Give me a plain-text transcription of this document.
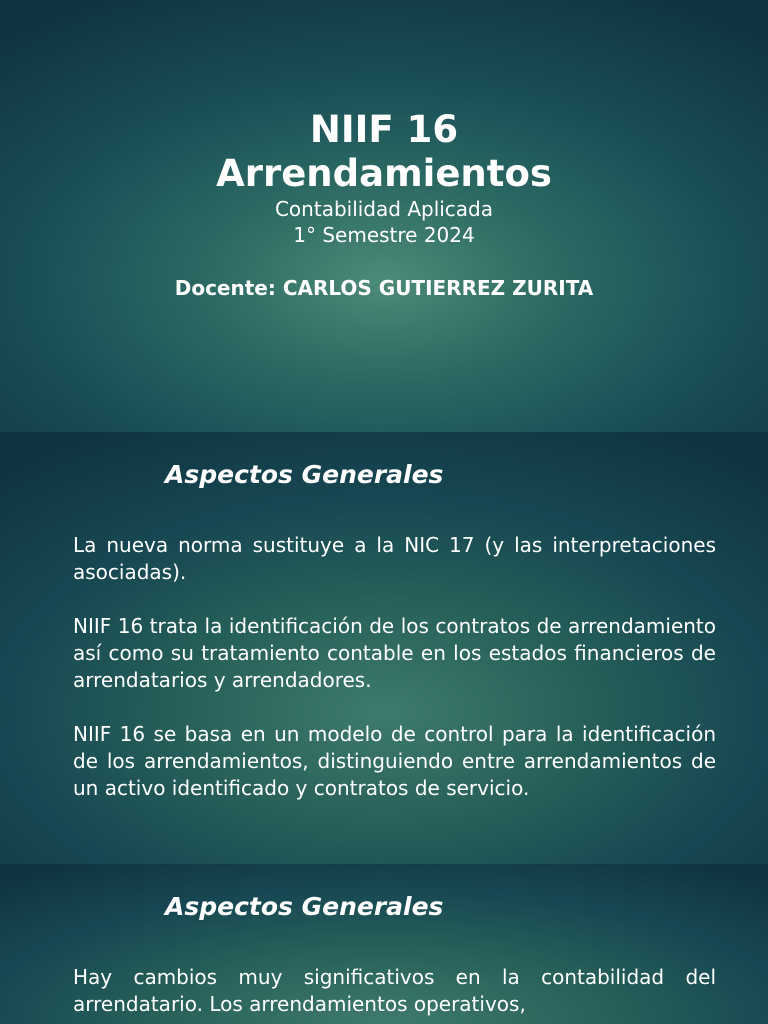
NIIF 16
Arrendamientos
Contabilidad Aplicada
1° Semestre 2024
Docente: CARLOS GUTIERREZ ZURITA
Aspectos Generales

La nueva norma sustituye a la NIC 17 (y las interpretaciones asociadas).

NIIF 16 trata la identificación de los contratos de arrendamiento así como su tratamiento contable en los estados financieros de arrendatarios y arrendadores.

NIIF 16 se basa en un modelo de control para la identificación de los arrendamientos, distinguiendo entre arrendamientos de un activo identificado y contratos de servicio.

Aspectos Generales

Hay cambios muy significativos en la contabilidad del arrendatario. Los arrendamientos operativos,
